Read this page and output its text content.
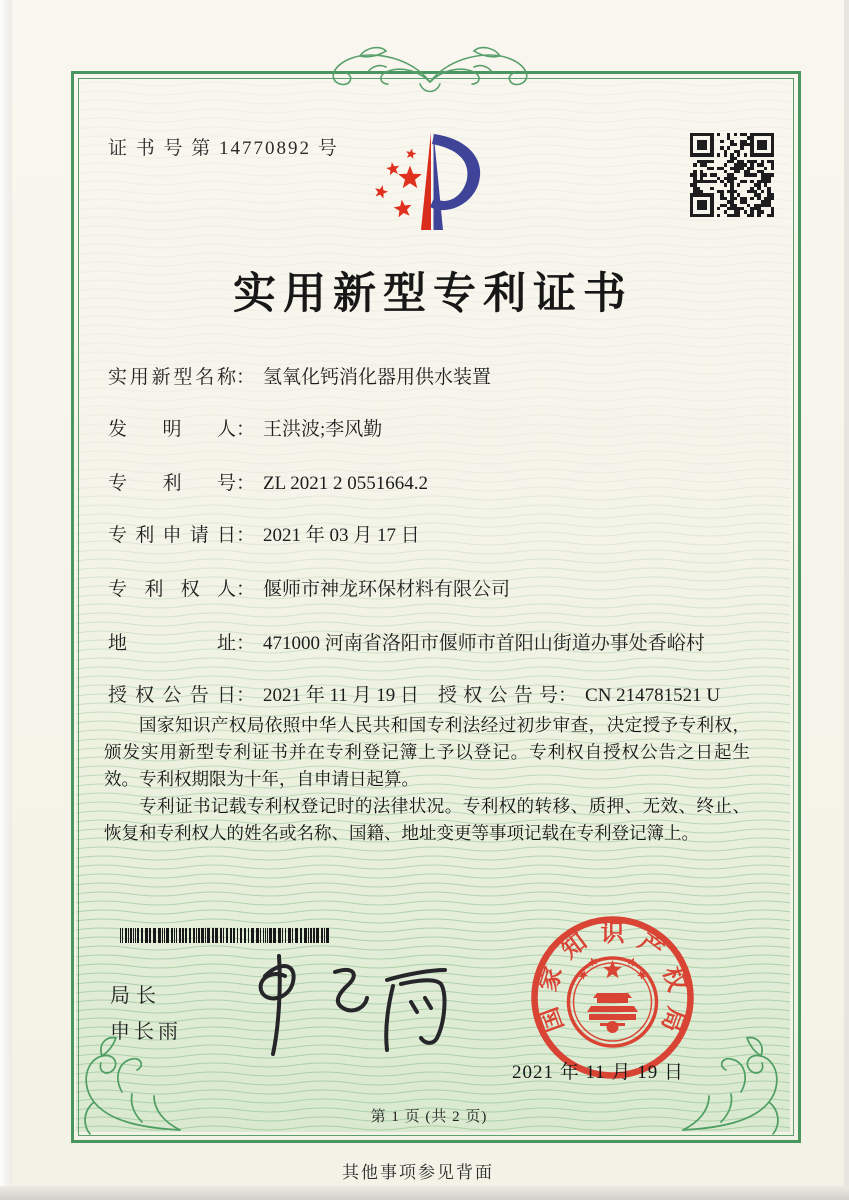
证 书 号 第 14770892 号
实用新型专利证书
实用新型名称： 氢氧化钙消化器用供水装置
发明人： 王洪波;李风勤
专利号： ZL 2021 2 0551664.2
专利申请日： 2021 年 03 月 17 日
专利权人： 偃师市神龙环保材料有限公司
地址： 471000 河南省洛阳市偃师市首阳山街道办事处香峪村
授权公告日： 2021 年 11 月 19 日 授权公告号： CN 214781521 U

国家知识产权局依照中华人民共和国专利法经过初步审查，决定授予专利权，颁发实用新型专利证书并在专利登记簿上予以登记。专利权自授权公告之日起生效。专利权期限为十年，自申请日起算。

专利证书记载专利权登记时的法律状况。专利权的转移、质押、无效、终止、恢复和专利权人的姓名或名称、国籍、地址变更等事项记载在专利登记簿上。

局长
申长雨	国
家
知 识 产
权
局
2021 年 11 月 19 日
第 1 页 (共 2 页)
其他事项参见背面
